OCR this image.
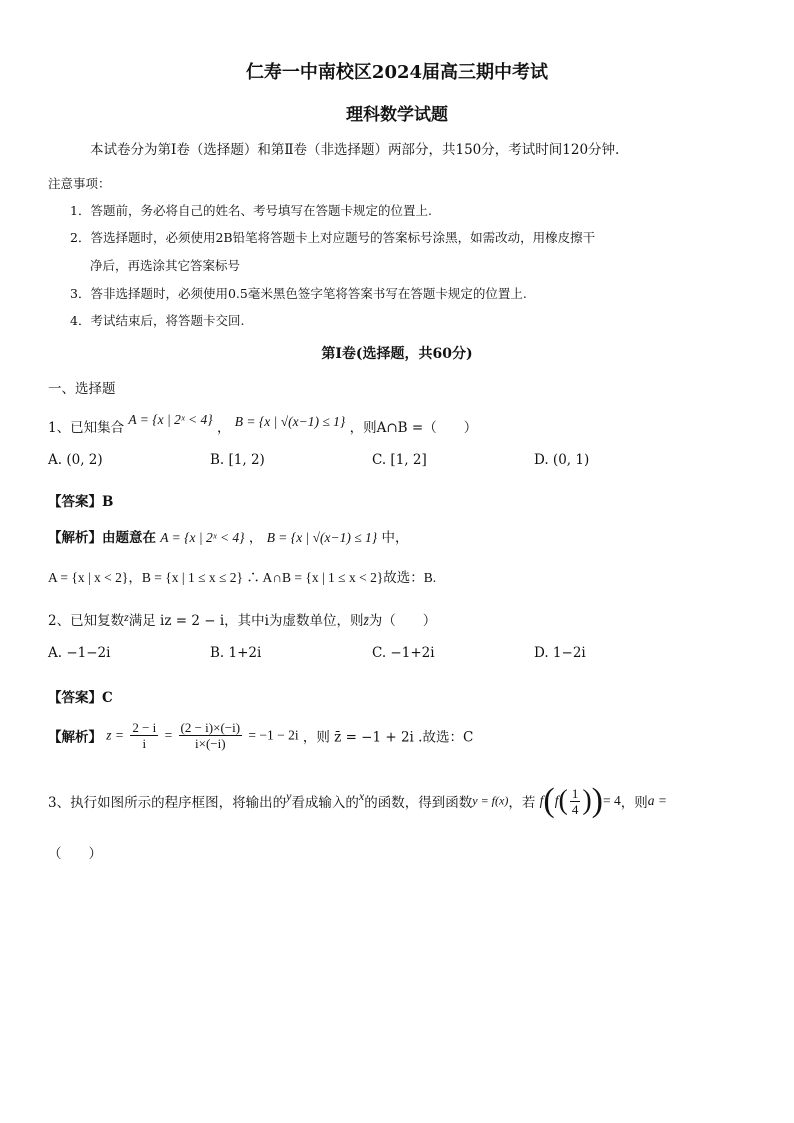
仁寿一中南校区2024届高三期中考试
理科数学试题
本试卷分为第Ⅰ卷（选择题）和第Ⅱ卷（非选择题）两部分，共150分，考试时间120分钟.
注意事项：
1．答题前，务必将自己的姓名、考号填写在答题卡规定的位置上.
2．答选择题时，必须使用2B铅笔将答题卡上对应题号的答案标号涂黑，如需改动，用橡皮擦干
净后，再选涂其它答案标号
3．答非选择题时，必须使用0.5毫米黑色签字笔将答案书写在答题卡规定的位置上.
4．考试结束后，将答题卡交回.
第Ⅰ卷(选择题，共60分)
一、选择题
1、已知集合 A = {x | 2ˣ < 4} ， B = {x | √(x−1) ≤ 1} ，则A∩B =（　　）
A. (0, 2)	B. [1, 2)	C. [1, 2]	D. (0, 1)
【答案】B
【解析】由题意在 A = {x | 2ˣ < 4} ， B = {x | √(x−1) ≤ 1} 中，
A = {x | x < 2}，B = {x | 1 ≤ x ≤ 2} ∴ A∩B = {x | 1 ≤ x < 2}故选：B.
2、已知复数z满足 iz = 2 − i，其中i为虚数单位，则z̄为（　　）
A. −1−2i	B. 1+2i	C. −1+2i	D. 1−2i
【答案】C
【解析】 $z = \frac{2 - i}{i} = \frac{(2 - i)\times(-i)}{i\times(-i)} = -1 - 2i$ ，则 z̄ = −1 + 2i .故选：C
3、执行如图所示的程序框图，将输出的y看成输入的x的函数，得到函数y = f(x)，若 $f(f( \frac{1}{4}$ ))= 4，则a =
（　　）
